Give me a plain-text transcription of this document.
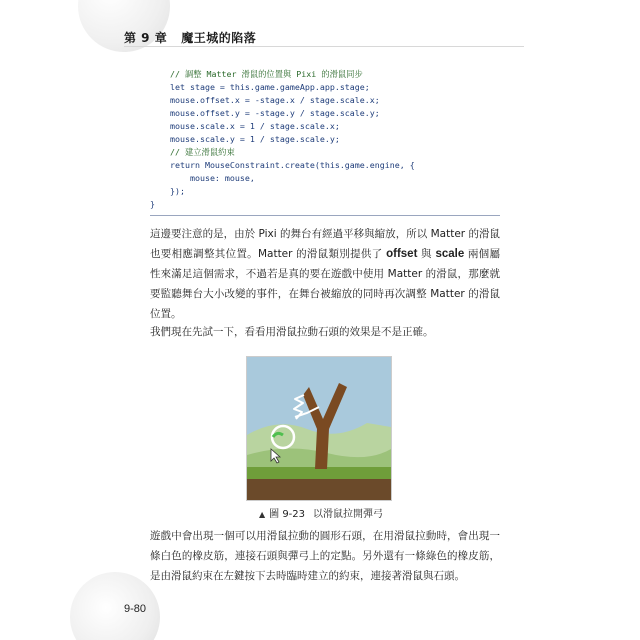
第 9 章 魔王城的陷落
// 調整 Matter 滑鼠的位置與 Pixi 的滑鼠同步
let stage = this.game.gameApp.app.stage;
mouse.offset.x = -stage.x / stage.scale.x;
mouse.offset.y = -stage.y / stage.scale.y;
mouse.scale.x = 1 / stage.scale.x;
mouse.scale.y = 1 / stage.scale.y;
// 建立滑鼠約束
return MouseConstraint.create(this.game.engine, {
mouse: mouse,
});
}
這邊要注意的是，由於 Pixi 的舞台有經過平移與縮放，所以 Matter 的滑鼠也要相應調整其位置。Matter 的滑鼠類別提供了 offset 與 scale 兩個屬性來滿足這個需求，不過若是真的要在遊戲中使用 Matter 的滑鼠，那麼就要監聽舞台大小改變的事件，在舞台被縮放的同時再次調整 Matter 的滑鼠位置。
我們現在先試一下，看看用滑鼠拉動石頭的效果是不是正確。
▲ 圖 9-23 以滑鼠拉開彈弓
遊戲中會出現一個可以用滑鼠拉動的圓形石頭，在用滑鼠拉動時，會出現一條白色的橡皮筋，連接石頭與彈弓上的定點。另外還有一條綠色的橡皮筋，是由滑鼠約束在左鍵按下去時臨時建立的約束，連接著滑鼠與石頭。
9-80
